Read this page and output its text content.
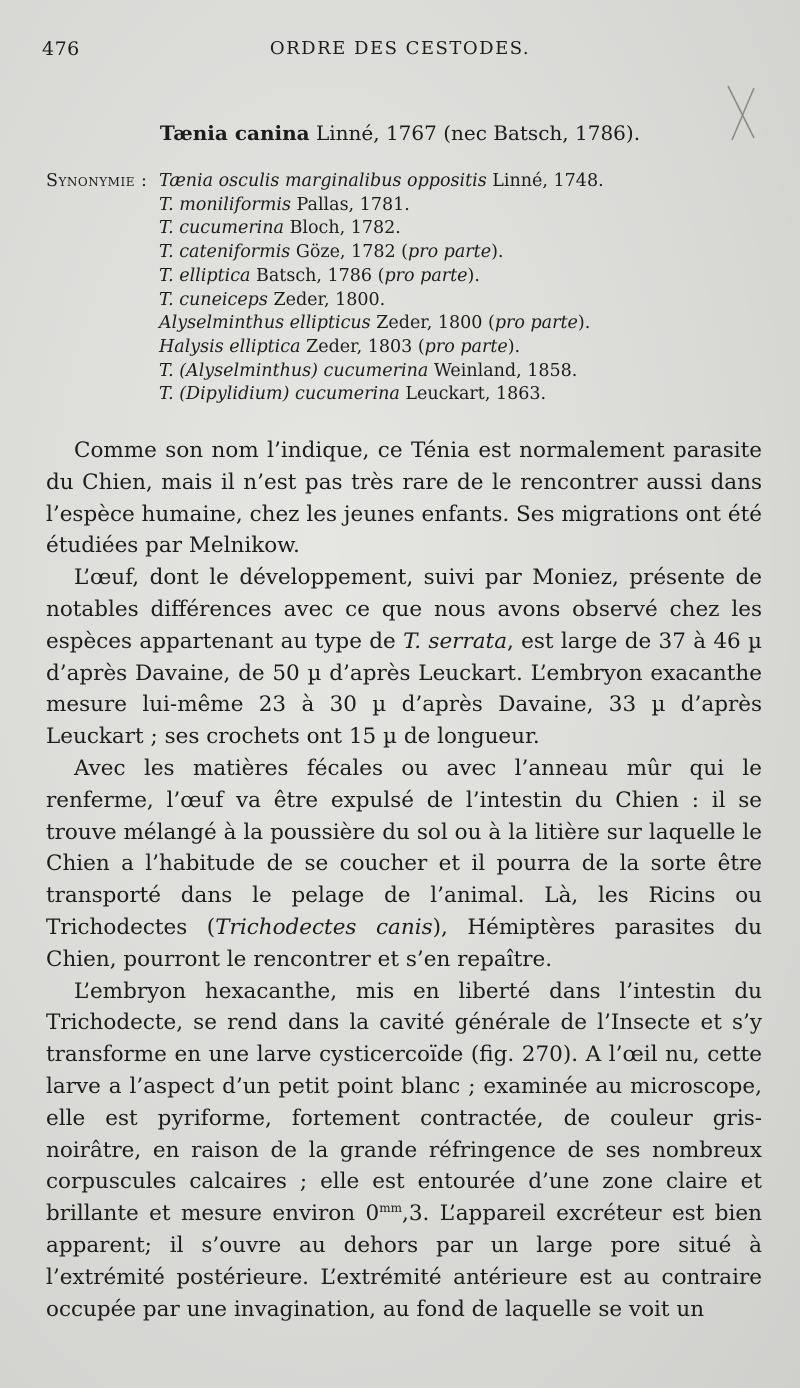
476	ORDRE DES CESTODES.
Tænia canina Linné, 1767 (nec Batsch, 1786).
Synonymie : Tænia osculis marginalibus oppositis Linné, 1748.
T. moniliformis Pallas, 1781.
T. cucumerina Bloch, 1782.
T. cateniformis Göze, 1782 (pro parte).
T. elliptica Batsch, 1786 (pro parte).
T. cuneiceps Zeder, 1800.
Alyselminthus ellipticus Zeder, 1800 (pro parte).
Halysis elliptica Zeder, 1803 (pro parte).
T. (Alyselminthus) cucumerina Weinland, 1858.
T. (Dipylidium) cucumerina Leuckart, 1863.

Comme son nom l’indique, ce Ténia est normalement parasite du Chien, mais il n’est pas très rare de le rencontrer aussi dans l’espèce humaine, chez les jeunes enfants. Ses migrations ont été étudiées par Melnikow.

L’œuf, dont le développement, suivi par Moniez, présente de notables différences avec ce que nous avons observé chez les espèces appartenant au type de T. serrata, est large de 37 à 46 µ d’après Davaine, de 50 µ d’après Leuckart. L’embryon exacanthe mesure lui-même 23 à 30 µ d’après Davaine, 33 µ d’après Leuckart ; ses crochets ont 15 µ de longueur.

Avec les matières fécales ou avec l’anneau mûr qui le renferme, l’œuf va être expulsé de l’intestin du Chien : il se trouve mélangé à la poussière du sol ou à la litière sur laquelle le Chien a l’habitude de se coucher et il pourra de la sorte être transporté dans le pelage de l’animal. Là, les Ricins ou Trichodectes (Trichodectes canis), Hémiptères parasites du Chien, pourront le rencontrer et s’en repaître.

L’embryon hexacanthe, mis en liberté dans l’intestin du Trichodecte, se rend dans la cavité générale de l’Insecte et s’y transforme en une larve cysticercoïde (fig. 270). A l’œil nu, cette larve a l’aspect d’un petit point blanc ; examinée au microscope, elle est pyriforme, fortement contractée, de couleur gris-noirâtre, en raison de la grande réfringence de ses nombreux corpuscules calcaires ; elle est entourée d’une zone claire et brillante et mesure environ $0^{mm},3$. L’appareil excréteur est bien apparent; il s’ouvre au dehors par un large pore situé à l’extrémité postérieure. L’extrémité antérieure est au contraire occupée par une invagination, au fond de laquelle se voit un
